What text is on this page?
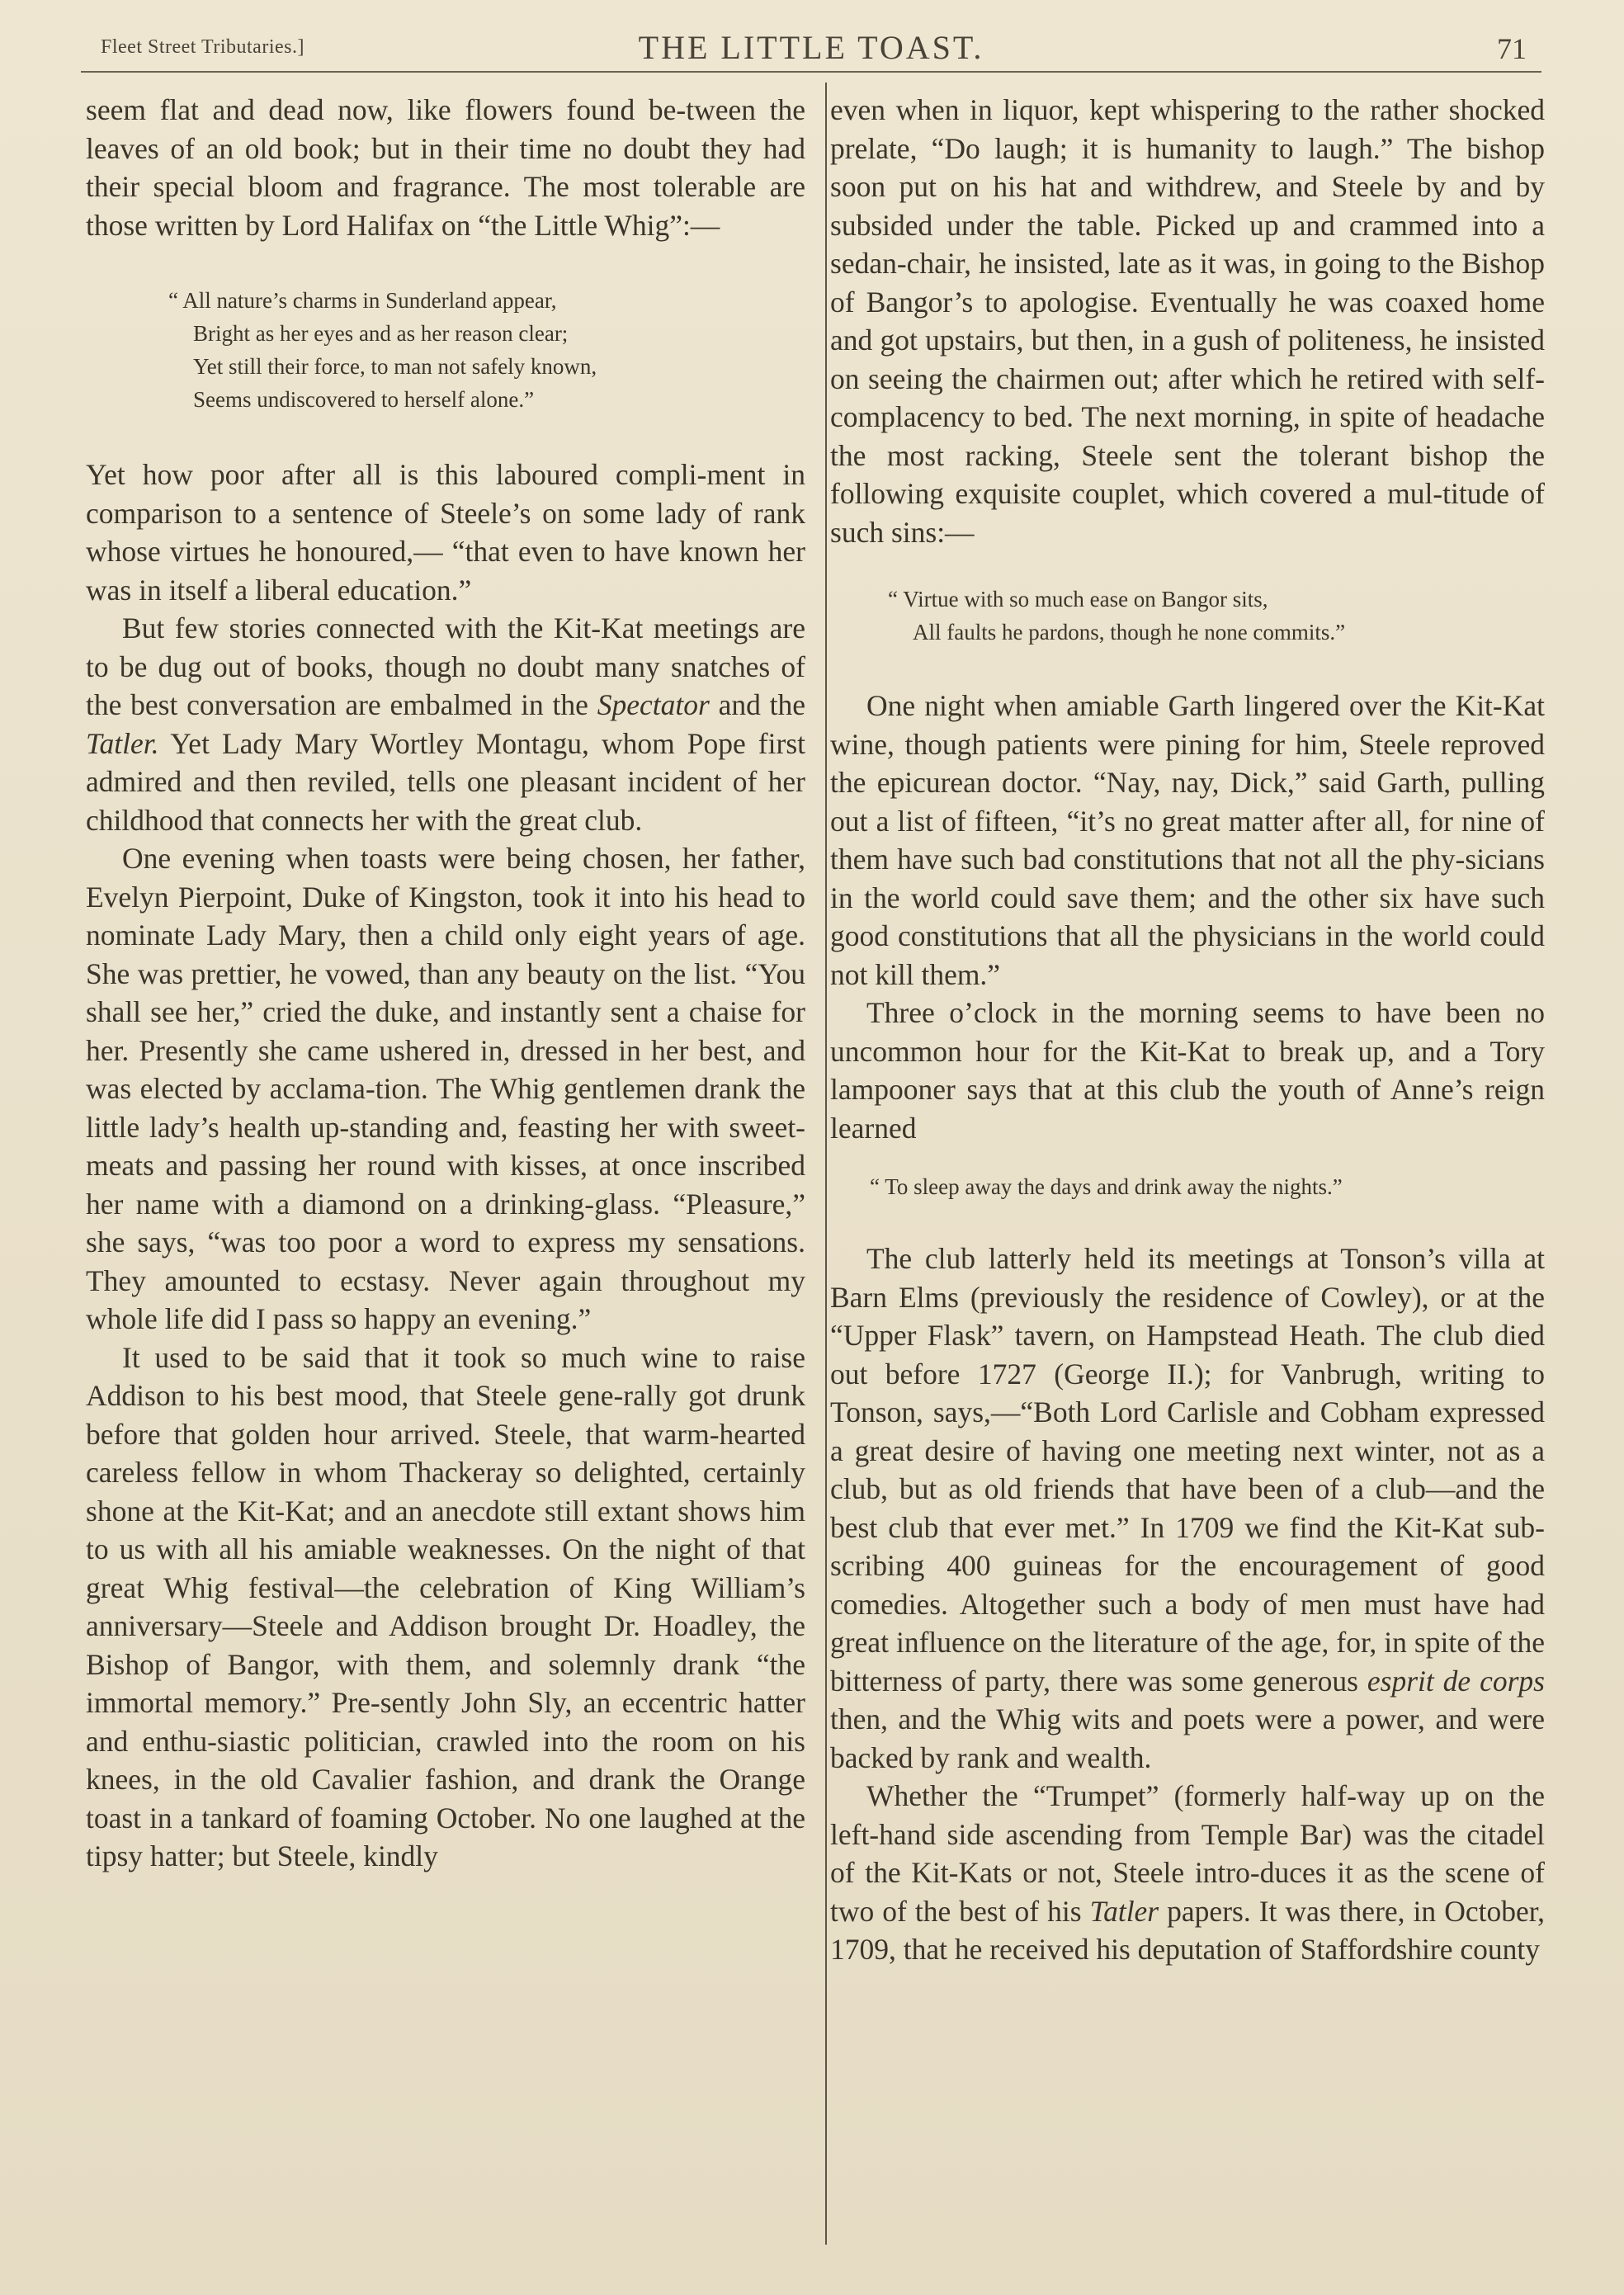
Fleet Street Tributaries.]	THE LITTLE TOAST.	71

seem flat and dead now, like flowers found be-tween the leaves of an old book; but in their time no doubt they had their special bloom and fragrance. The most tolerable are those written by Lord Halifax on “the Little Whig”:—

“ All nature’s charms in Sunderland appear,
Bright as her eyes and as her reason clear;
Yet still their force, to man not safely known,
Seems undiscovered to herself alone.”

Yet how poor after all is this laboured compli-ment in comparison to a sentence of Steele’s on some lady of rank whose virtues he honoured,— “that even to have known her was in itself a liberal education.”

But few stories connected with the Kit-Kat meetings are to be dug out of books, though no doubt many snatches of the best conversation are embalmed in the Spectator and the Tatler. Yet Lady Mary Wortley Montagu, whom Pope first admired and then reviled, tells one pleasant incident of her childhood that connects her with the great club.

One evening when toasts were being chosen, her father, Evelyn Pierpoint, Duke of Kingston, took it into his head to nominate Lady Mary, then a child only eight years of age. She was prettier, he vowed, than any beauty on the list. “You shall see her,” cried the duke, and instantly sent a chaise for her. Presently she came ushered in, dressed in her best, and was elected by acclama-tion. The Whig gentlemen drank the little lady’s health up-standing and, feasting her with sweet-meats and passing her round with kisses, at once inscribed her name with a diamond on a drinking-glass. “Pleasure,” she says, “was too poor a word to express my sensations. They amounted to ecstasy. Never again throughout my whole life did I pass so happy an evening.”

It used to be said that it took so much wine to raise Addison to his best mood, that Steele gene-rally got drunk before that golden hour arrived. Steele, that warm-hearted careless fellow in whom Thackeray so delighted, certainly shone at the Kit-Kat; and an anecdote still extant shows him to us with all his amiable weaknesses. On the night of that great Whig festival—the celebration of King William’s anniversary—Steele and Addison brought Dr. Hoadley, the Bishop of Bangor, with them, and solemnly drank “the immortal memory.” Pre-sently John Sly, an eccentric hatter and enthu-siastic politician, crawled into the room on his knees, in the old Cavalier fashion, and drank the Orange toast in a tankard of foaming October. No one laughed at the tipsy hatter; but Steele, kindly

even when in liquor, kept whispering to the rather shocked prelate, “Do laugh; it is humanity to laugh.” The bishop soon put on his hat and withdrew, and Steele by and by subsided under the table. Picked up and crammed into a sedan-chair, he insisted, late as it was, in going to the Bishop of Bangor’s to apologise. Eventually he was coaxed home and got upstairs, but then, in a gush of politeness, he insisted on seeing the chairmen out; after which he retired with self-complacency to bed. The next morning, in spite of headache the most racking, Steele sent the tolerant bishop the following exquisite couplet, which covered a mul-titude of such sins:—

“ Virtue with so much ease on Bangor sits,
All faults he pardons, though he none commits.”

One night when amiable Garth lingered over the Kit-Kat wine, though patients were pining for him, Steele reproved the epicurean doctor. “Nay, nay, Dick,” said Garth, pulling out a list of fifteen, “it’s no great matter after all, for nine of them have such bad constitutions that not all the phy-sicians in the world could save them; and the other six have such good constitutions that all the physicians in the world could not kill them.”

Three o’clock in the morning seems to have been no uncommon hour for the Kit-Kat to break up, and a Tory lampooner says that at this club the youth of Anne’s reign learned

“ To sleep away the days and drink away the nights.”

The club latterly held its meetings at Tonson’s villa at Barn Elms (previously the residence of Cowley), or at the “Upper Flask” tavern, on Hampstead Heath. The club died out before 1727 (George II.); for Vanbrugh, writing to Tonson, says,—“Both Lord Carlisle and Cobham expressed a great desire of having one meeting next winter, not as a club, but as old friends that have been of a club—and the best club that ever met.” In 1709 we find the Kit-Kat sub-scribing 400 guineas for the encouragement of good comedies. Altogether such a body of men must have had great influence on the literature of the age, for, in spite of the bitterness of party, there was some generous esprit de corps then, and the Whig wits and poets were a power, and were backed by rank and wealth.

Whether the “Trumpet” (formerly half-way up on the left-hand side ascending from Temple Bar) was the citadel of the Kit-Kats or not, Steele intro-duces it as the scene of two of the best of his Tatler papers. It was there, in October, 1709, that he received his deputation of Staffordshire county
